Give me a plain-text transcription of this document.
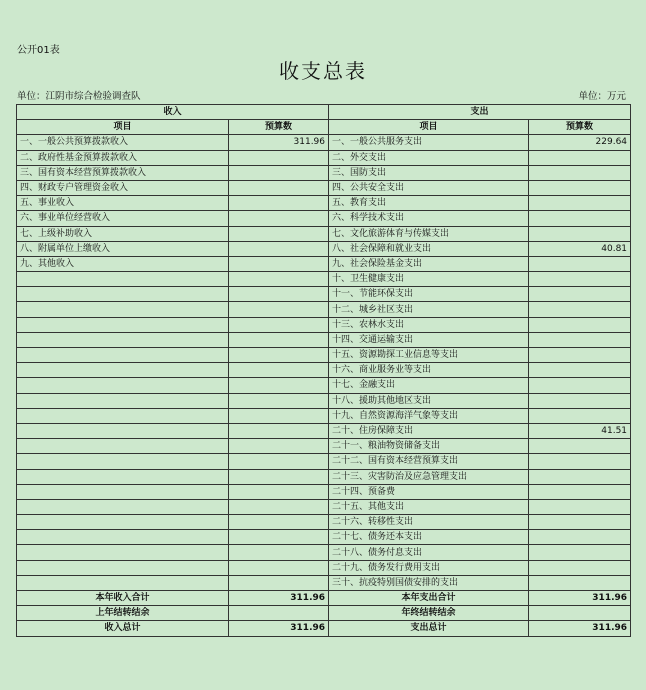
公开01表
收支总表
单位：江阴市综合检验调查队	单位：万元
收入		支出	
项目	预算数	项目	预算数
一、一般公共预算拨款收入	311.96	一、一般公共服务支出	229.64
二、政府性基金预算拨款收入		二、外交支出	
三、国有资本经营预算拨款收入		三、国防支出	
四、财政专户管理资金收入		四、公共安全支出	
五、事业收入		五、教育支出	
六、事业单位经营收入		六、科学技术支出	
七、上级补助收入		七、文化旅游体育与传媒支出	
八、附属单位上缴收入		八、社会保障和就业支出	40.81
九、其他收入		九、社会保险基金支出	
		十、卫生健康支出	
		十一、节能环保支出	
		十二、城乡社区支出	
		十三、农林水支出	
		十四、交通运输支出	
		十五、资源勘探工业信息等支出	
		十六、商业服务业等支出	
		十七、金融支出	
		十八、援助其他地区支出	
		十九、自然资源海洋气象等支出	
		二十、住房保障支出	41.51
		二十一、粮油物资储备支出	
		二十二、国有资本经营预算支出	
		二十三、灾害防治及应急管理支出	
		二十四、预备费	
		二十五、其他支出	
		二十六、转移性支出	
		二十七、债务还本支出	
		二十八、债务付息支出	
		二十九、债务发行费用支出	
		三十、抗疫特别国债安排的支出	
本年收入合计	311.96	本年支出合计	311.96
上年结转结余		年终结转结余	
收入总计	311.96	支出总计	311.96
